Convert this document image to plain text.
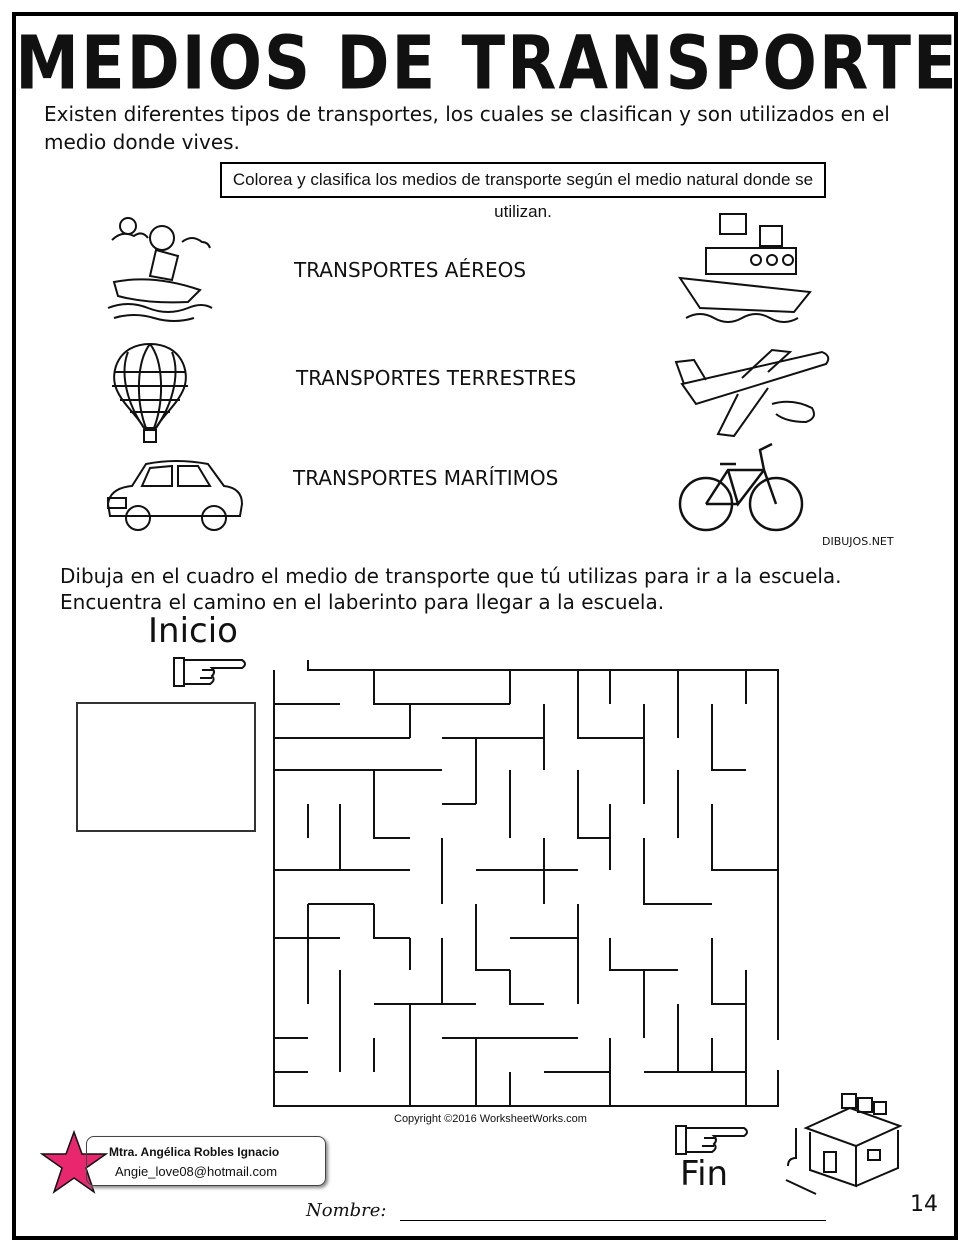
MEDIOS DE TRANSPORTE
Existen diferentes tipos de transportes, los cuales se clasifican y son utilizados en el medio donde vives.
Colorea y clasifica los medios de transporte según el medio natural donde se utilizan.
TRANSPORTES AÉREOS
TRANSPORTES TERRESTRES
TRANSPORTES MARÍTIMOS
DIBUJOS.NET
Dibuja en el cuadro el medio de transporte que tú utilizas para ir a la escuela.
Encuentra el camino en el laberinto para llegar a la escuela.
Inicio
Copyright ©2016 WorksheetWorks.com
Fin
Mtra. Angélica Robles Ignacio
Angie_love08@hotmail.com
Nombre:	14
